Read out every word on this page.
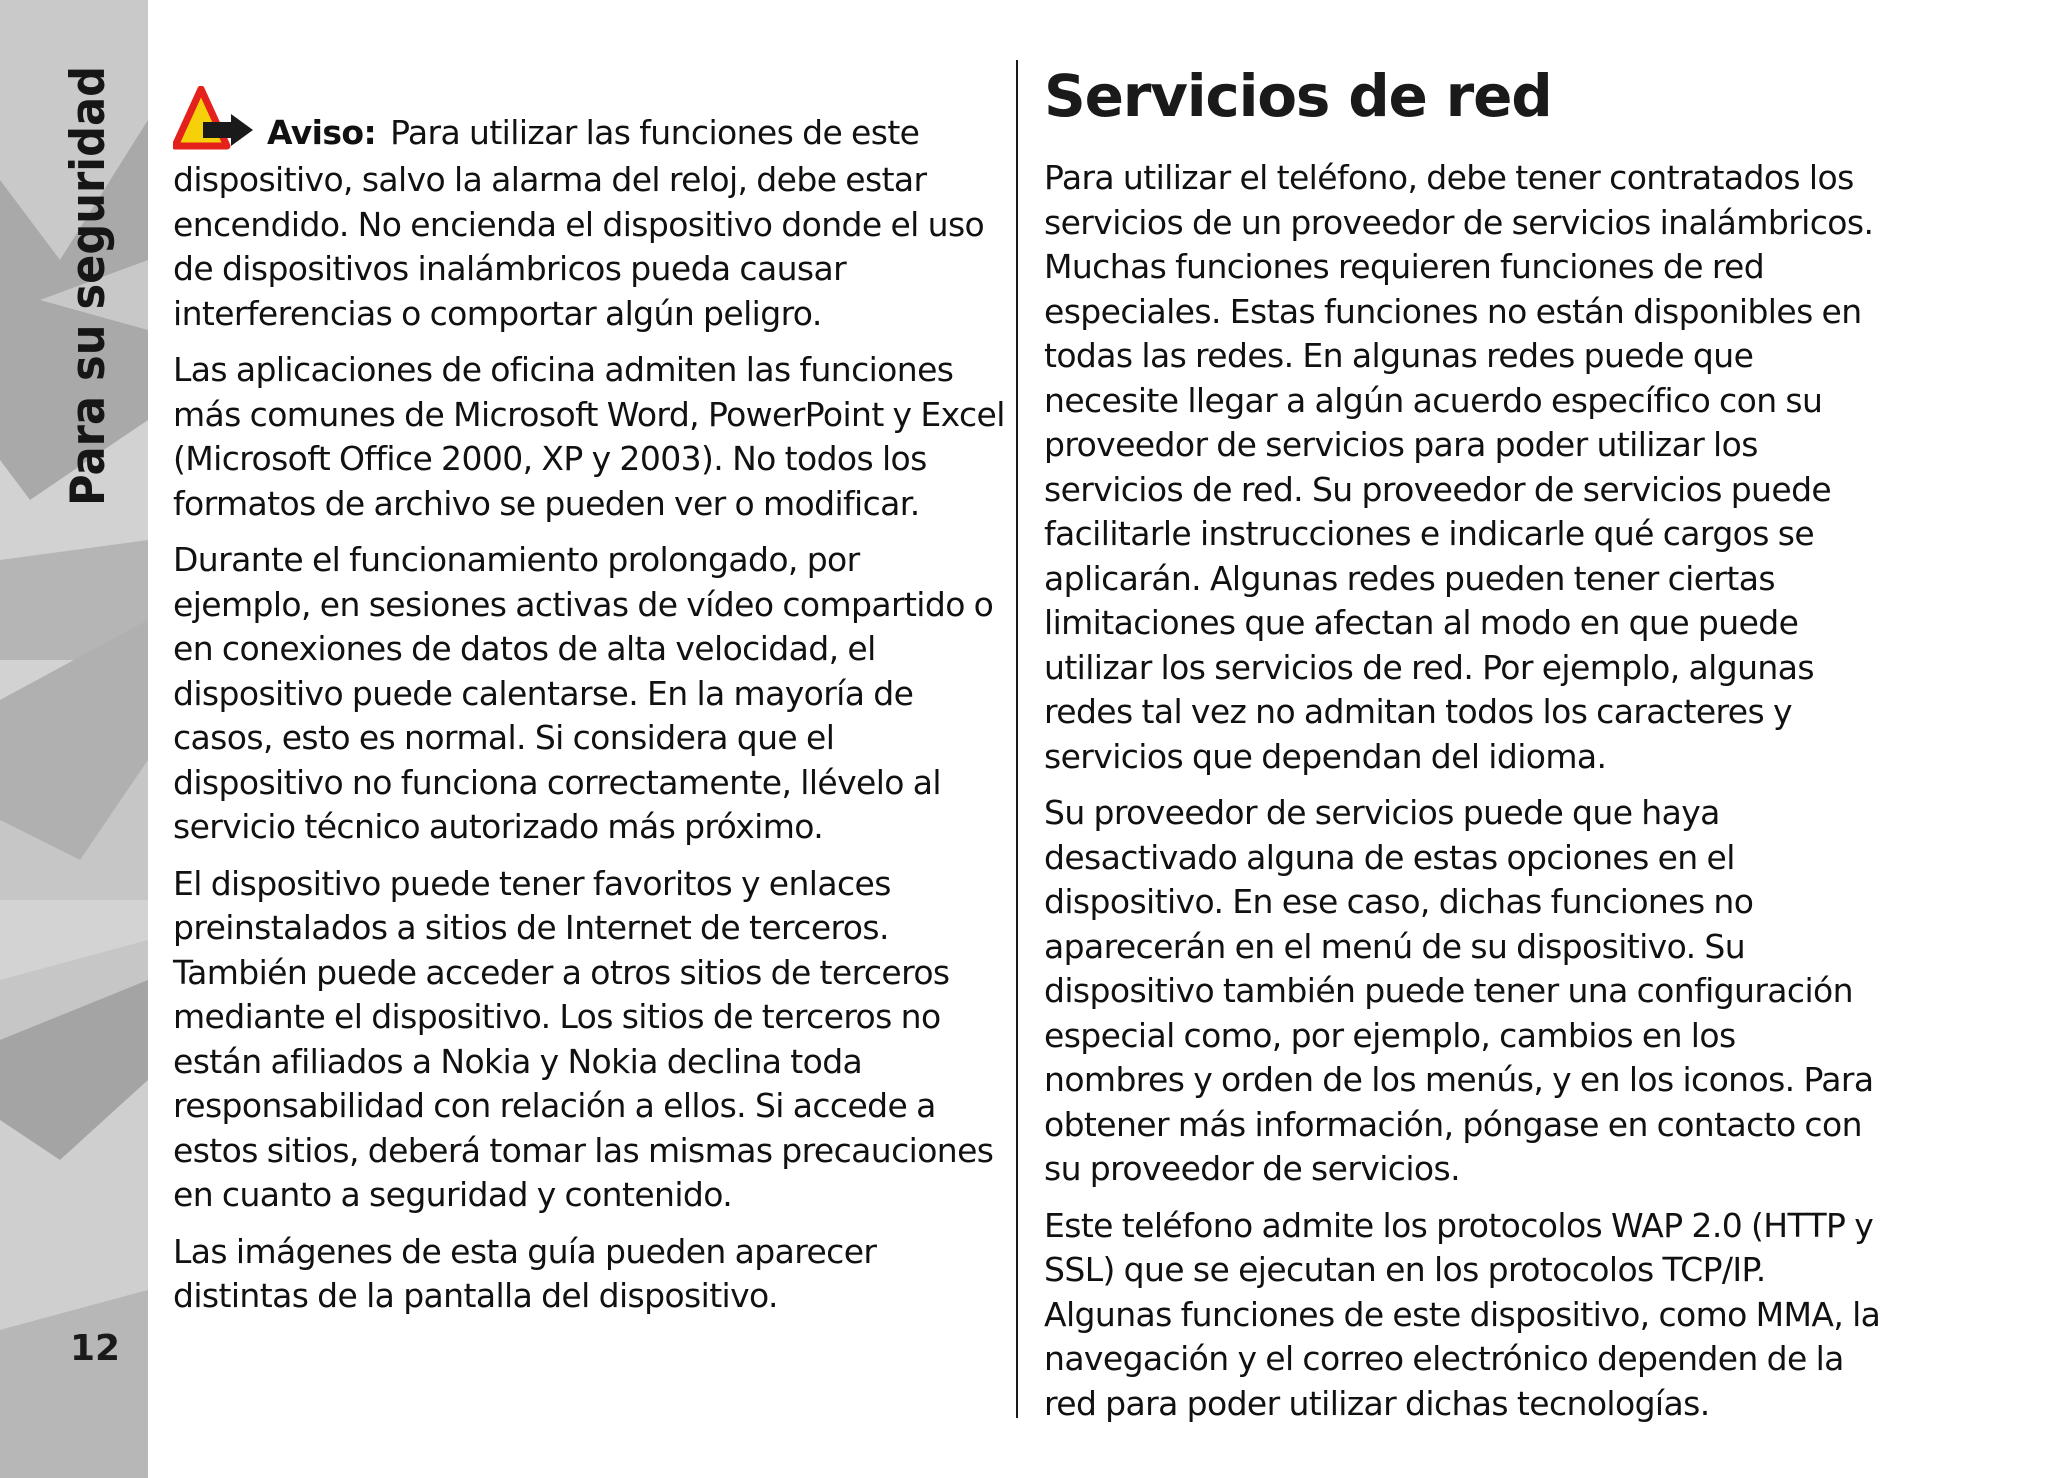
Para su seguridad
12

Aviso: Para utilizar las funciones de este dispositivo, salvo la alarma del reloj, debe estar encendido. No encienda el dispositivo donde el uso de dispositivos inalámbricos pueda causar interferencias o comportar algún peligro.

Las aplicaciones de oficina admiten las funciones más comunes de Microsoft Word, PowerPoint y Excel (Microsoft Office 2000, XP y 2003). No todos los formatos de archivo se pueden ver o modificar.

Durante el funcionamiento prolongado, por ejemplo, en sesiones activas de vídeo compartido o en conexiones de datos de alta velocidad, el dispositivo puede calentarse. En la mayoría de casos, esto es normal. Si considera que el dispositivo no funciona correctamente, llévelo al servicio técnico autorizado más próximo.

El dispositivo puede tener favoritos y enlaces preinstalados a sitios de Internet de terceros. También puede acceder a otros sitios de terceros mediante el dispositivo. Los sitios de terceros no están afiliados a Nokia y Nokia declina toda responsabilidad con relación a ellos. Si accede a estos sitios, deberá tomar las mismas precauciones en cuanto a seguridad y contenido.

Las imágenes de esta guía pueden aparecer distintas de la pantalla del dispositivo.

Servicios de red

Para utilizar el teléfono, debe tener contratados los servicios de un proveedor de servicios inalámbricos. Muchas funciones requieren funciones de red especiales. Estas funciones no están disponibles en todas las redes. En algunas redes puede que necesite llegar a algún acuerdo específico con su proveedor de servicios para poder utilizar los servicios de red. Su proveedor de servicios puede facilitarle instrucciones e indicarle qué cargos se aplicarán. Algunas redes pueden tener ciertas limitaciones que afectan al modo en que puede utilizar los servicios de red. Por ejemplo, algunas redes tal vez no admitan todos los caracteres y servicios que dependan del idioma.

Su proveedor de servicios puede que haya desactivado alguna de estas opciones en el dispositivo. En ese caso, dichas funciones no aparecerán en el menú de su dispositivo. Su dispositivo también puede tener una configuración especial como, por ejemplo, cambios en los nombres y orden de los menús, y en los iconos. Para obtener más información, póngase en contacto con su proveedor de servicios.

Este teléfono admite los protocolos WAP 2.0 (HTTP y SSL) que se ejecutan en los protocolos TCP/IP. Algunas funciones de este dispositivo, como MMA, la navegación y el correo electrónico dependen de la red para poder utilizar dichas tecnologías.
